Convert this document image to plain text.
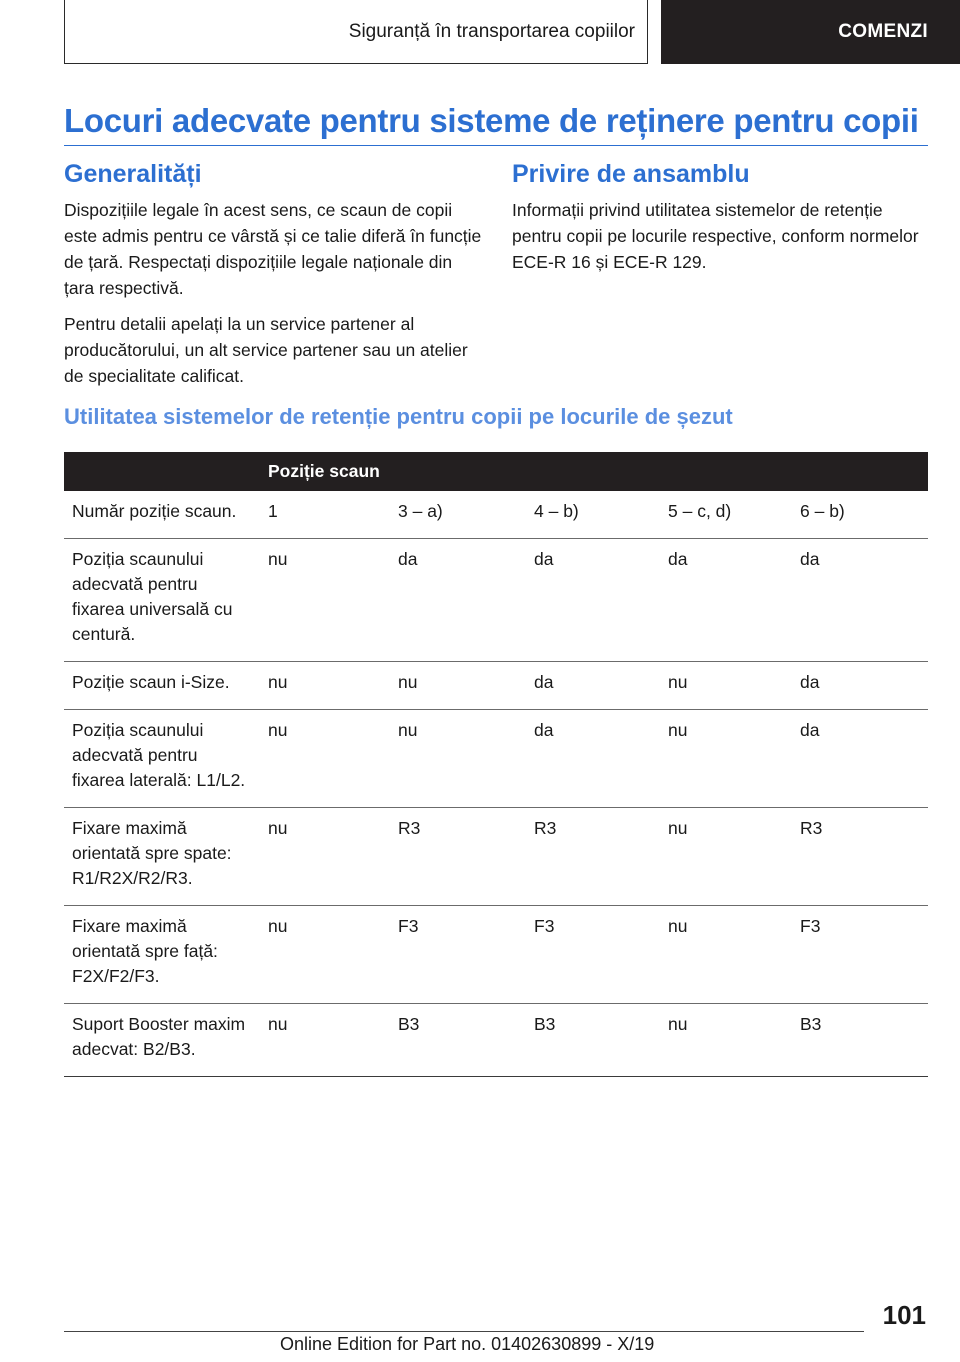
Siguranță în transportarea copiilor	COMENZI
Locuri adecvate pentru sisteme de reținere pentru copii
Generalități

Dispozițiile legale în acest sens, ce scaun de copii este admis pentru ce vârstă și ce talie diferă în funcție de țară. Respectați dispozițiile legale naționale din țara respectivă.

Pentru detalii apelați la un service partener al producătorului, un alt service partener sau un atelier de specialitate calificat.

Privire de ansamblu

Informații privind utilitatea sistemelor de retenție pentru copii pe locurile respective, conform normelor ECE-R 16 și ECE-R 129.

Utilitatea sistemelor de retenție pentru copii pe locurile de șezut
	Poziție scaun				
Număr poziție scaun.	1	3 – a)	4 – b)	5 – c, d)	6 – b)
Poziția scaunului adecvată pentru fixarea universală cu centură.	nu	da	da	da	da
Poziție scaun i-Size.	nu	nu	da	nu	da
Poziția scaunului adecvată pentru fixarea laterală: L1/L2.	nu	nu	da	nu	da
Fixare maximă orientată spre spate: R1/R2X/R2/R3.	nu	R3	R3	nu	R3
Fixare maximă orientată spre față: F2X/F2/F3.	nu	F3	F3	nu	F3
Suport Booster maxim adecvat: B2/B3.	nu	B3	B3	nu	B3
101
Online Edition for Part no. 01402630899 - X/19
